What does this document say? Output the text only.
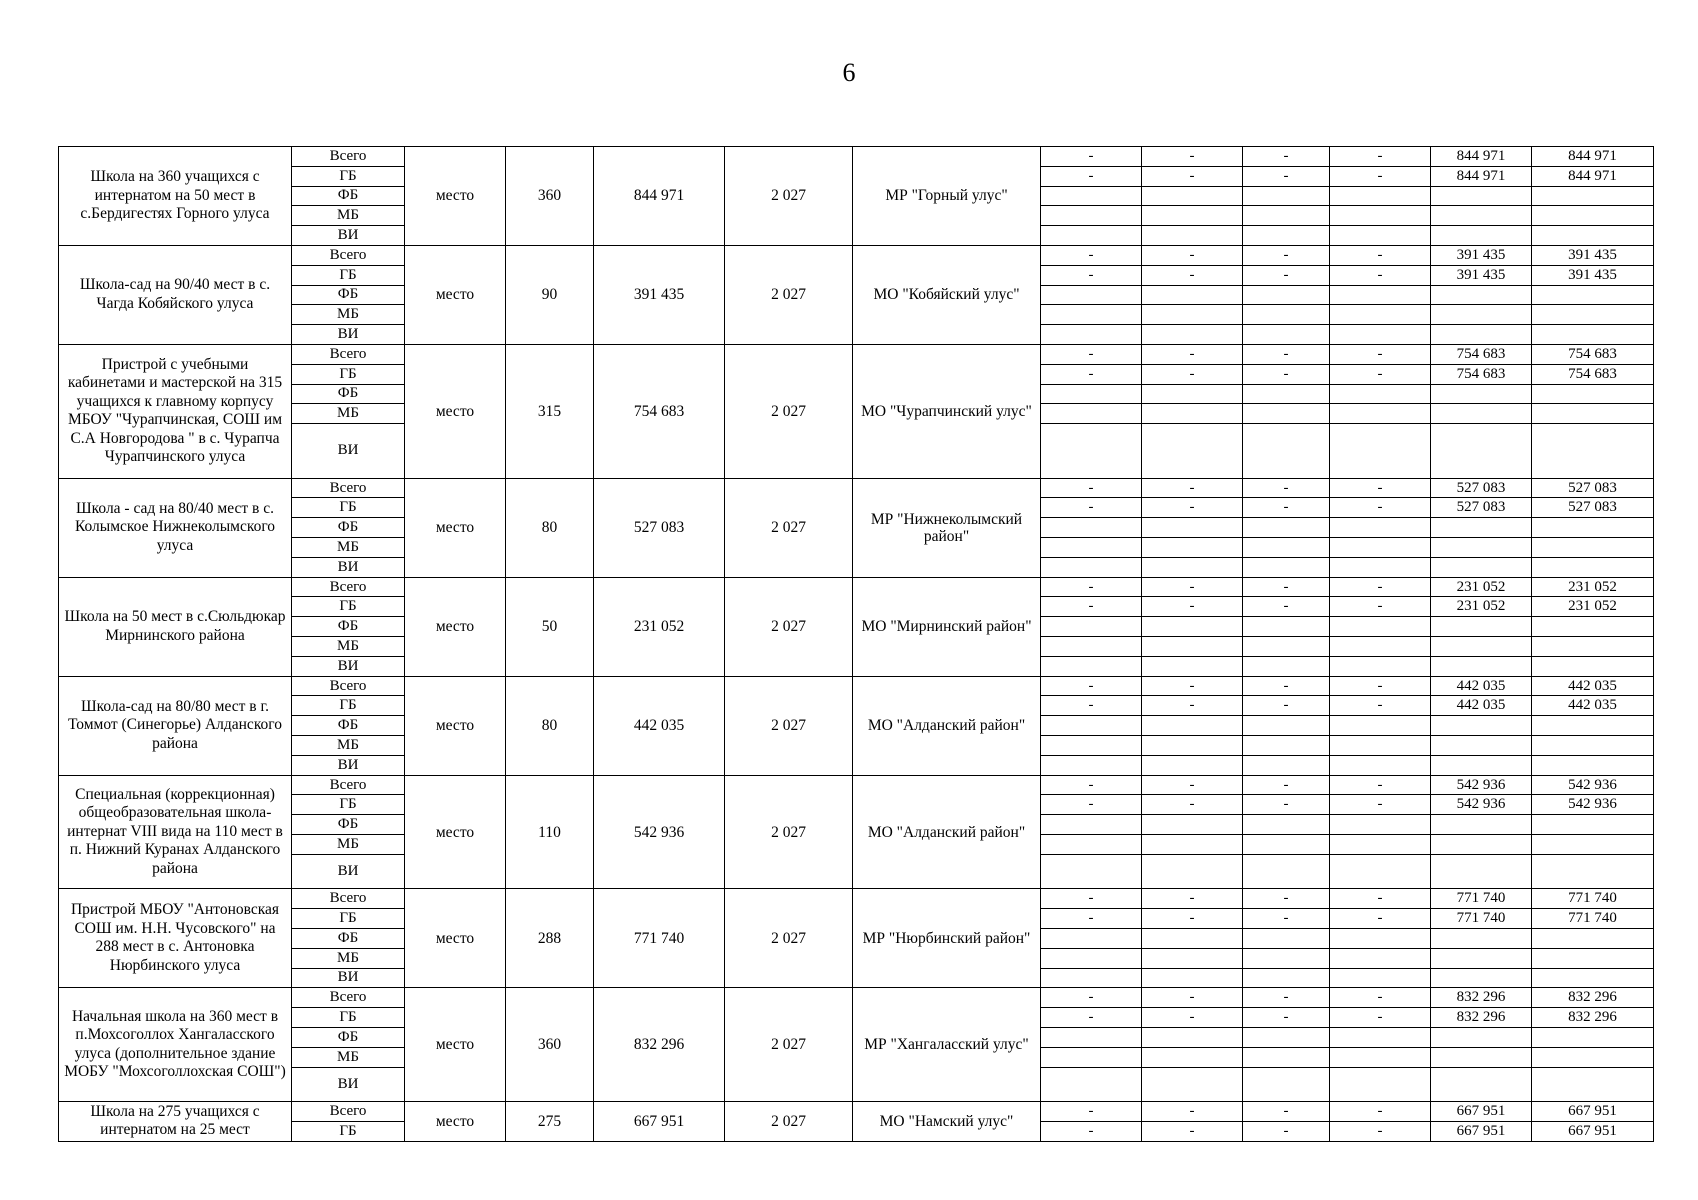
6
Школа на 360 учащихся с интернатом на 50 мест в с.Бердигестях Горного улуса	Всего	место	360	844 971	2 027	МР "Горный улус"	-	-	-	-	844 971	844 971
	ГБ						-	-	-	-	844 971	844 971
	ФБ											
	МБ											
	ВИ											
Школа-сад на 90/40 мест в с. Чагда Кобяйского улуса	Всего	место	90	391 435	2 027	МО "Кобяйский улус"	-	-	-	-	391 435	391 435
	ГБ						-	-	-	-	391 435	391 435
	ФБ											
	МБ											
	ВИ											
Пристрой с учебными кабинетами и мастерской на 315 учащихся к главному корпусу МБОУ "Чурапчинская, СОШ им С.А Новгородова " в с. Чурапча Чурапчинского улуса	Всего	место	315	754 683	2 027	МО "Чурапчинский улус"	-	-	-	-	754 683	754 683
	ГБ						-	-	-	-	754 683	754 683
	ФБ											
	МБ											
	ВИ											
Школа - сад на 80/40 мест в с. Колымское Нижнеколымского улуса	Всего	место	80	527 083	2 027	МР "Нижнеколымский район"	-	-	-	-	527 083	527 083
	ГБ						-	-	-	-	527 083	527 083
	ФБ											
	МБ											
	ВИ											
Школа на 50 мест в с.Сюльдюкар Мирнинского района	Всего	место	50	231 052	2 027	МО "Мирнинский район"	-	-	-	-	231 052	231 052
	ГБ						-	-	-	-	231 052	231 052
	ФБ											
	МБ											
	ВИ											
Школа-сад на 80/80 мест в г. Томмот (Синегорье) Алданского района	Всего	место	80	442 035	2 027	МО "Алданский район"	-	-	-	-	442 035	442 035
	ГБ						-	-	-	-	442 035	442 035
	ФБ											
	МБ											
	ВИ											
Специальная (коррекционная) общеобразовательная школа-интернат VIII вида на 110 мест в п. Нижний Куранах Алданского района	Всего	место	110	542 936	2 027	МО "Алданский район"	-	-	-	-	542 936	542 936
	ГБ						-	-	-	-	542 936	542 936
	ФБ											
	МБ											
	ВИ											
Пристрой МБОУ "Антоновская СОШ им. Н.Н. Чусовского" на 288 мест в с. Антоновка Нюрбинского улуса	Всего	место	288	771 740	2 027	МР "Нюрбинский район"	-	-	-	-	771 740	771 740
	ГБ						-	-	-	-	771 740	771 740
	ФБ											
	МБ											
	ВИ											
Начальная школа на 360 мест в п.Мохсоголлох Хангаласского улуса (дополнительное здание МОБУ "Мохсоголлохская СОШ")	Всего	место	360	832 296	2 027	МР "Хангаласский улус"	-	-	-	-	832 296	832 296
	ГБ						-	-	-	-	832 296	832 296
	ФБ											
	МБ											
	ВИ											
Школа на 275 учащихся с интернатом на 25 мест	Всего	место	275	667 951	2 027	МО "Намский улус"	-	-	-	-	667 951	667 951
	ГБ						-	-	-	-	667 951	667 951
